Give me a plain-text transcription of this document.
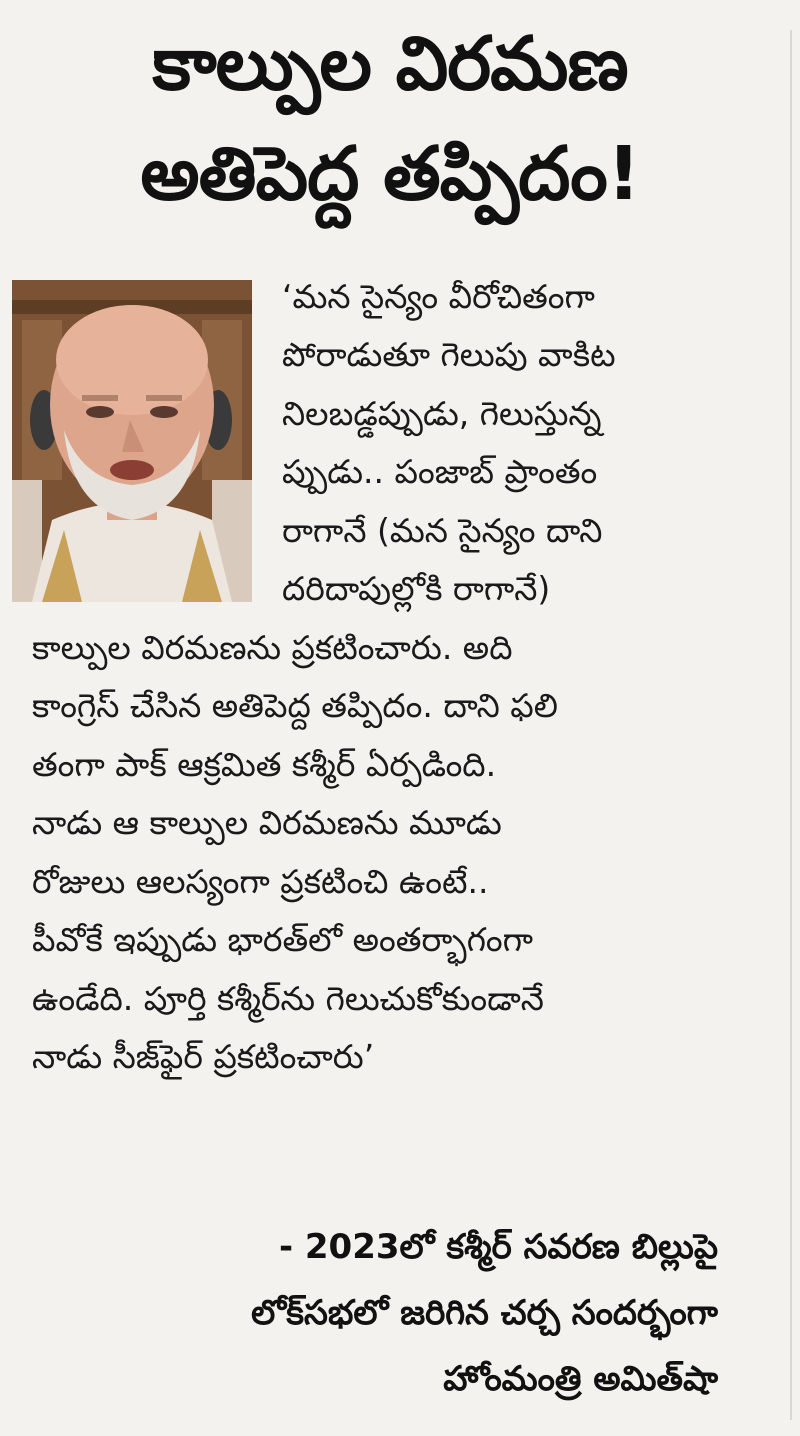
కాల్పుల విరమణ
అతిపెద్ద తప్పిదం!
‘మన సైన్యం వీరోచితంగా
పోరాడుతూ గెలుపు వాకిట
నిలబడ్డప్పుడు, గెలుస్తున్న
ప్పుడు.. పంజాబ్ ప్రాంతం
రాగానే (మన సైన్యం దాని
దరిదాపుల్లోకి రాగానే)
కాల్పుల విరమణను ప్రకటించారు. అది
కాంగ్రెస్ చేసిన అతిపెద్ద తప్పిదం. దాని ఫలి
తంగా పాక్ ఆక్రమిత కశ్మీర్ ఏర్పడింది.
నాడు ఆ కాల్పుల విరమణను మూడు
రోజులు ఆలస్యంగా ప్రకటించి ఉంటే..
పీవోకే ఇప్పుడు భారత్‌లో అంతర్భాగంగా
ఉండేది. పూర్తి కశ్మీర్‌ను గెలుచుకోకుండానే
నాడు సీజ్‌ఫైర్ ప్రకటించారు’
- 2023లో కశ్మీర్ సవరణ బిల్లుపై
లోక్‌సభలో జరిగిన చర్చ సందర్భంగా
హోంమంత్రి అమిత్‌షా
